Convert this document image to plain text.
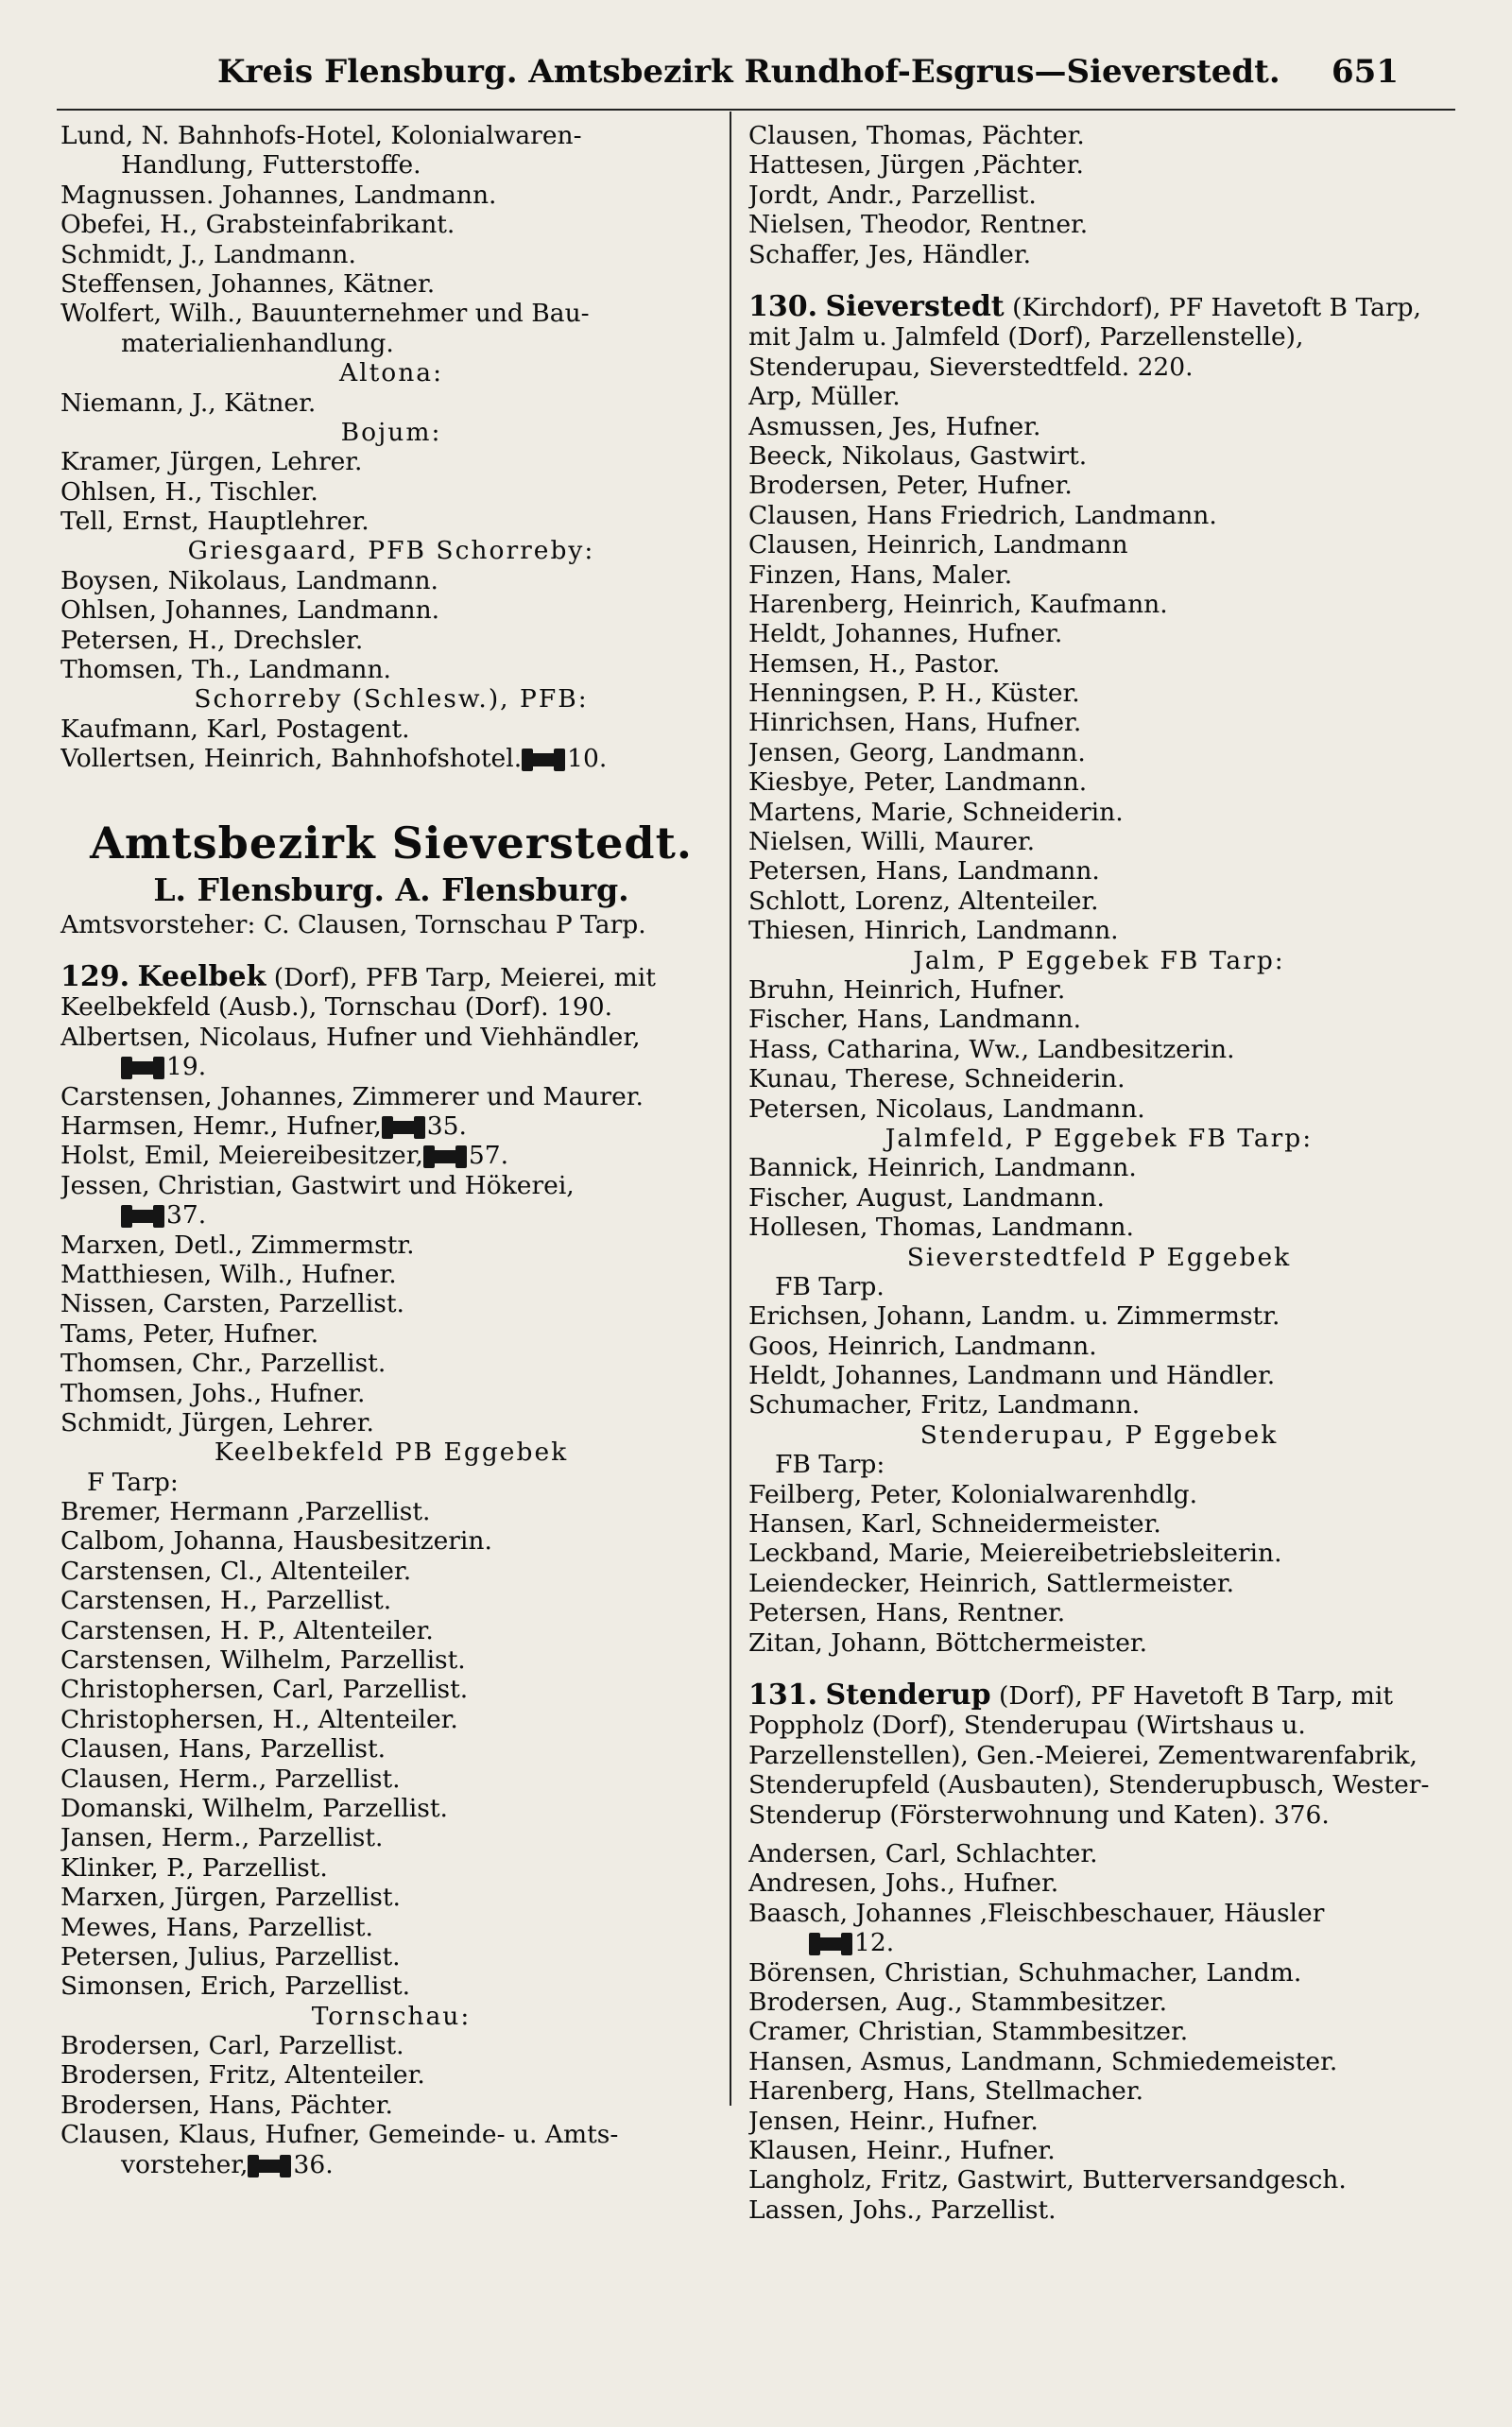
Kreis Flensburg. Amtsbezirk Rundhof-Esgrus—Sieverstedt. 651
Lund, N. Bahnhofs-Hotel, Kolonialwaren-
Handlung, Futterstoffe.
Magnussen. Johannes, Landmann.
Obefei, H., Grabsteinfabrikant.
Schmidt, J., Landmann.
Steffensen, Johannes, Kätner.
Wolfert, Wilh., Bauunternehmer und Bau-
materialienhandlung.
Altona:
Niemann, J., Kätner.
Bojum:
Kramer, Jürgen, Lehrer.
Ohlsen, H., Tischler.
Tell, Ernst, Hauptlehrer.
Griesgaard, PFB Schorreby:
Boysen, Nikolaus, Landmann.
Ohlsen, Johannes, Landmann.
Petersen, H., Drechsler.
Thomsen, Th., Landmann.
Schorreby (Schlesw.), PFB:
Kaufmann, Karl, Postagent.
Vollertsen, Heinrich, Bahnhofshotel. 10.
Amtsbezirk Sieverstedt.
L. Flensburg. A. Flensburg.
Amtsvorsteher: C. Clausen, Tornschau P Tarp.
129. Keelbek (Dorf), PFB Tarp, Meierei, mit Keelbekfeld (Ausb.), Tornschau (Dorf). 190.
Albertsen, Nicolaus, Hufner und Viehhändler,
19.
Carstensen, Johannes, Zimmerer und Maurer.
Harmsen, Hemr., Hufner, 35.
Holst, Emil, Meiereibesitzer, 57.
Jessen, Christian, Gastwirt und Hökerei,
37.
Marxen, Detl., Zimmermstr.
Matthiesen, Wilh., Hufner.
Nissen, Carsten, Parzellist.
Tams, Peter, Hufner.
Thomsen, Chr., Parzellist.
Thomsen, Johs., Hufner.
Schmidt, Jürgen, Lehrer.
Keelbekfeld PB Eggebek
F Tarp:
Bremer, Hermann ,Parzellist.
Calbom, Johanna, Hausbesitzerin.
Carstensen, Cl., Altenteiler.
Carstensen, H., Parzellist.
Carstensen, H. P., Altenteiler.
Carstensen, Wilhelm, Parzellist.
Christophersen, Carl, Parzellist.
Christophersen, H., Altenteiler.
Clausen, Hans, Parzellist.
Clausen, Herm., Parzellist.
Domanski, Wilhelm, Parzellist.
Jansen, Herm., Parzellist.
Klinker, P., Parzellist.
Marxen, Jürgen, Parzellist.
Mewes, Hans, Parzellist.
Petersen, Julius, Parzellist.
Simonsen, Erich, Parzellist.
Tornschau:
Brodersen, Carl, Parzellist.
Brodersen, Fritz, Altenteiler.
Brodersen, Hans, Pächter.
Clausen, Klaus, Hufner, Gemeinde- u. Amts-
vorsteher, 36.
Clausen, Thomas, Pächter.
Hattesen, Jürgen ,Pächter.
Jordt, Andr., Parzellist.
Nielsen, Theodor, Rentner.
Schaffer, Jes, Händler.
130. Sieverstedt (Kirchdorf), PF Havetoft B Tarp, mit Jalm u. Jalmfeld (Dorf), Parzellenstelle), Stenderupau, Sieverstedtfeld. 220.
Arp, Müller.
Asmussen, Jes, Hufner.
Beeck, Nikolaus, Gastwirt.
Brodersen, Peter, Hufner.
Clausen, Hans Friedrich, Landmann.
Clausen, Heinrich, Landmann
Finzen, Hans, Maler.
Harenberg, Heinrich, Kaufmann.
Heldt, Johannes, Hufner.
Hemsen, H., Pastor.
Henningsen, P. H., Küster.
Hinrichsen, Hans, Hufner.
Jensen, Georg, Landmann.
Kiesbye, Peter, Landmann.
Martens, Marie, Schneiderin.
Nielsen, Willi, Maurer.
Petersen, Hans, Landmann.
Schlott, Lorenz, Altenteiler.
Thiesen, Hinrich, Landmann.
Jalm, P Eggebek FB Tarp:
Bruhn, Heinrich, Hufner.
Fischer, Hans, Landmann.
Hass, Catharina, Ww., Landbesitzerin.
Kunau, Therese, Schneiderin.
Petersen, Nicolaus, Landmann.
Jalmfeld, P Eggebek FB Tarp:
Bannick, Heinrich, Landmann.
Fischer, August, Landmann.
Hollesen, Thomas, Landmann.
Sieverstedtfeld P Eggebek
FB Tarp.
Erichsen, Johann, Landm. u. Zimmermstr.
Goos, Heinrich, Landmann.
Heldt, Johannes, Landmann und Händler.
Schumacher, Fritz, Landmann.
Stenderupau, P Eggebek
FB Tarp:
Feilberg, Peter, Kolonialwarenhdlg.
Hansen, Karl, Schneidermeister.
Leckband, Marie, Meiereibetriebsleiterin.
Leiendecker, Heinrich, Sattlermeister.
Petersen, Hans, Rentner.
Zitan, Johann, Böttchermeister.
131. Stenderup (Dorf), PF Havetoft B Tarp, mit Poppholz (Dorf), Stenderupau (Wirtshaus u. Parzellenstellen), Gen.-Meierei, Zementwarenfabrik, Stenderupfeld (Ausbauten), Stenderupbusch, Wester-Stenderup (Försterwohnung und Katen). 376.
Andersen, Carl, Schlachter.
Andresen, Johs., Hufner.
Baasch, Johannes ,Fleischbeschauer, Häusler
12.
Börensen, Christian, Schuhmacher, Landm.
Brodersen, Aug., Stammbesitzer.
Cramer, Christian, Stammbesitzer.
Hansen, Asmus, Landmann, Schmiedemeister.
Harenberg, Hans, Stellmacher.
Jensen, Heinr., Hufner.
Klausen, Heinr., Hufner.
Langholz, Fritz, Gastwirt, Butterversandgesch.
Lassen, Johs., Parzellist.
